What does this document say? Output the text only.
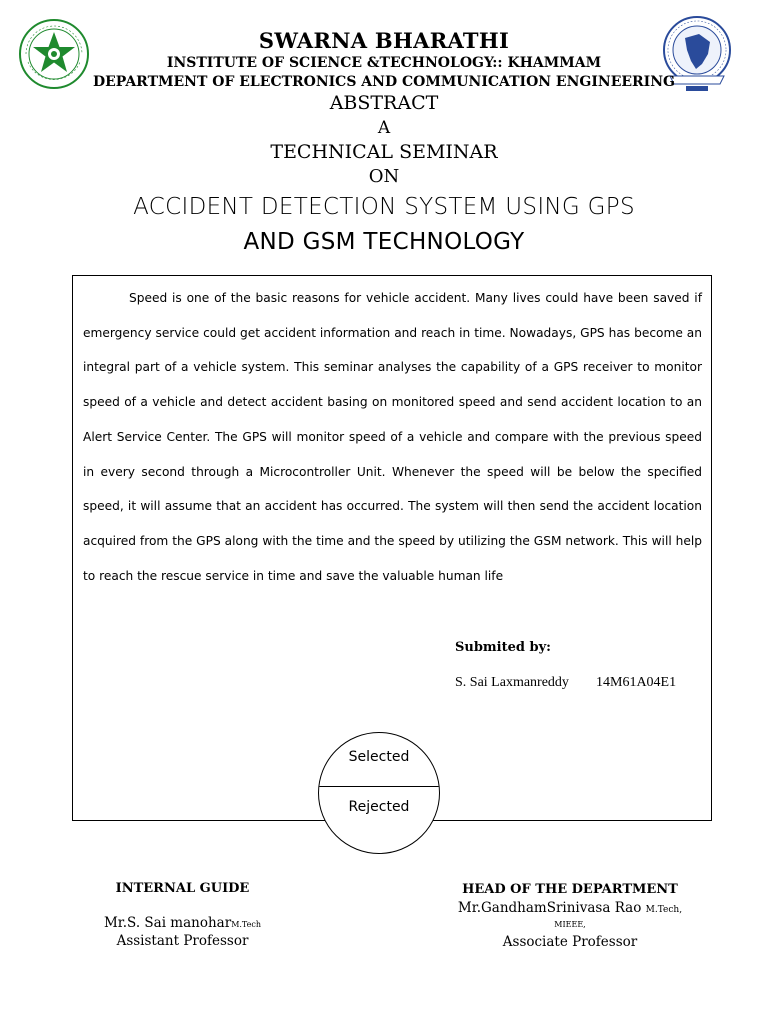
SWARNA BHARATHI
INSTITUTE OF SCIENCE &TECHNOLOGY:: KHAMMAM
DEPARTMENT OF ELECTRONICS AND COMMUNICATION ENGINEERING
ABSTRACT
A
TECHNICAL SEMINAR
ON
ACCIDENT DETECTION SYSTEM USING GPS
AND GSM TECHNOLOGY

Speed is one of the basic reasons for vehicle accident. Many lives could have been saved if emergency service could get accident information and reach in time. Nowadays, GPS has become an integral part of a vehicle system. This seminar analyses the capability of a GPS receiver to monitor speed of a vehicle and detect accident basing on monitored speed and send accident location to an Alert Service Center. The GPS will monitor speed of a vehicle and compare with the previous speed in every second through a Microcontroller Unit. Whenever the speed will be below the specified speed, it will assume that an accident has occurred. The system will then send the accident location acquired from the GPS along with the time and the speed by utilizing the GSM network. This will help to reach the rescue service in time and save the valuable human life

Submited by:
S. Sai Laxmanreddy 14M61A04E1
Selected
Rejected
INTERNAL GUIDE
Mr.S. Sai manoharM.Tech
Assistant Professor
HEAD OF THE DEPARTMENT
Mr.GandhamSrinivasa Rao M.Tech,
MIEEE,
Associate Professor
